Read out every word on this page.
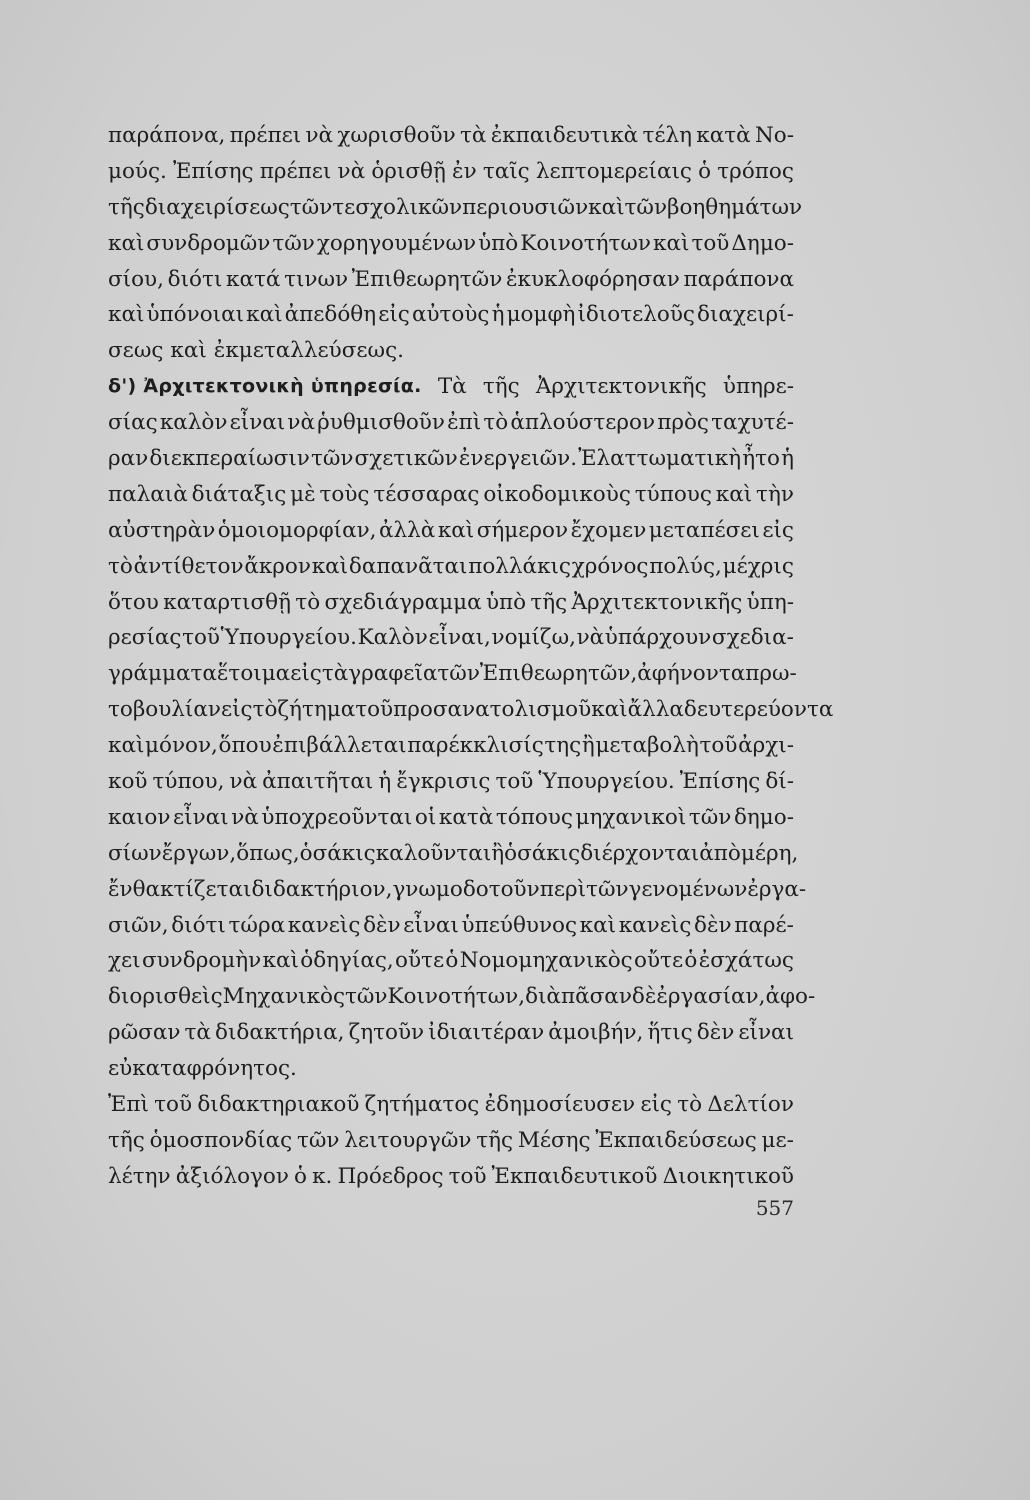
παράπονα, πρέπει νὰ χωρισθοῦν τὰ ἐκπαιδευτικὰ τέλη κατὰ Νο-
μούς. Ἐπίσης πρέπει νὰ ὁρισθῇ ἐν ταῖς λεπτομερείαις ὁ τρόπος
τῆς διαχειρίσεως τῶν τε σχολικῶν περιουσιῶν καὶ τῶν βοηθημάτων
καὶ συνδρομῶν τῶν χορηγουμένων ὑπὸ Κοινοτήτων καὶ τοῦ Δημο-
σίου, διότι κατά τινων Ἐπιθεωρητῶν ἐκυκλοφόρησαν παράπονα
καὶ ὑπόνοιαι καὶ ἀπεδόθη εἰς αὐτοὺς ἡ μομφὴ ἰδιοτελοῦς διαχειρί-
σεως καὶ ἐκμεταλλεύσεως.
δ') Ἀρχιτεκτονικὴ ὑπηρεσία. Τὰ τῆς Ἀρχιτεκτονικῆς ὑπηρε-
σίας καλὸν εἶναι νὰ ῥυθμισθοῦν ἐπὶ τὸ ἁπλούστερον πρὸς ταχυτέ-
ραν διεκπεραίωσιν τῶν σχετικῶν ἐνεργειῶν. Ἐλαττωματικὴ ἦτο ἡ
παλαιὰ διάταξις μὲ τοὺς τέσσαρας οἰκοδομικοὺς τύπους καὶ τὴν
αὐστηρὰν ὁμοιομορφίαν, ἀλλὰ καὶ σήμερον ἔχομεν μεταπέσει εἰς
τὸ ἀντίθετον ἄκρον καὶ δαπανᾶται πολλάκις χρόνος πολύς, μέχρις
ὅτου καταρτισθῇ τὸ σχεδιάγραμμα ὑπὸ τῆς Ἀρχιτεκτονικῆς ὑπη-
ρεσίας τοῦ Ὑπουργείου. Καλὸν εἶναι, νομίζω, νὰ ὑπάρχουν σχεδια-
γράμματα ἕτοιμα εἰς τὰ γραφεῖα τῶν Ἐπιθεωρητῶν, ἀφήνοντα πρω-
τοβουλίαν εἰς τὸ ζήτημα τοῦ προσανατολισμοῦ καὶ ἄλλα δευτερεύοντα
καὶ μόνον, ὅπου ἐπιβάλλεται παρέκκλισίς της ἢ μεταβολὴ τοῦ ἀρχι-
κοῦ τύπου, νὰ ἀπαιτῆται ἡ ἔγκρισις τοῦ Ὑπουργείου. Ἐπίσης δί-
καιον εἶναι νὰ ὑποχρεοῦνται οἱ κατὰ τόπους μηχανικοὶ τῶν δημο-
σίων ἔργων, ὅπως, ὁσάκις καλοῦνται ἢ ὁσάκις διέρχονται ἀπὸ μέρη,
ἔνθα κτίζεται διδακτήριον, γνωμοδοτοῦν περὶ τῶν γενομένων ἐργα-
σιῶν, διότι τώρα κανεὶς δὲν εἶναι ὑπεύθυνος καὶ κανεὶς δὲν παρέ-
χει συνδρομὴν καὶ ὁδηγίας, οὔτε ὁ Νομομηχανικὸς οὔτε ὁ ἐσχάτως
διορισθεὶς Μηχανικὸς τῶν Κοινοτήτων, διὰ πᾶσαν δὲ ἐργασίαν, ἀφο-
ρῶσαν τὰ διδακτήρια, ζητοῦν ἰδιαιτέραν ἀμοιβήν, ἥτις δὲν εἶναι
εὐκαταφρόνητος.
Ἐπὶ τοῦ διδακτηριακοῦ ζητήματος ἐδημοσίευσεν εἰς τὸ Δελτίον
τῆς ὁμοσπονδίας τῶν λειτουργῶν τῆς Μέσης Ἐκπαιδεύσεως με-
λέτην ἀξιόλογον ὁ κ. Πρόεδρος τοῦ Ἐκπαιδευτικοῦ Διοικητικοῦ
557
